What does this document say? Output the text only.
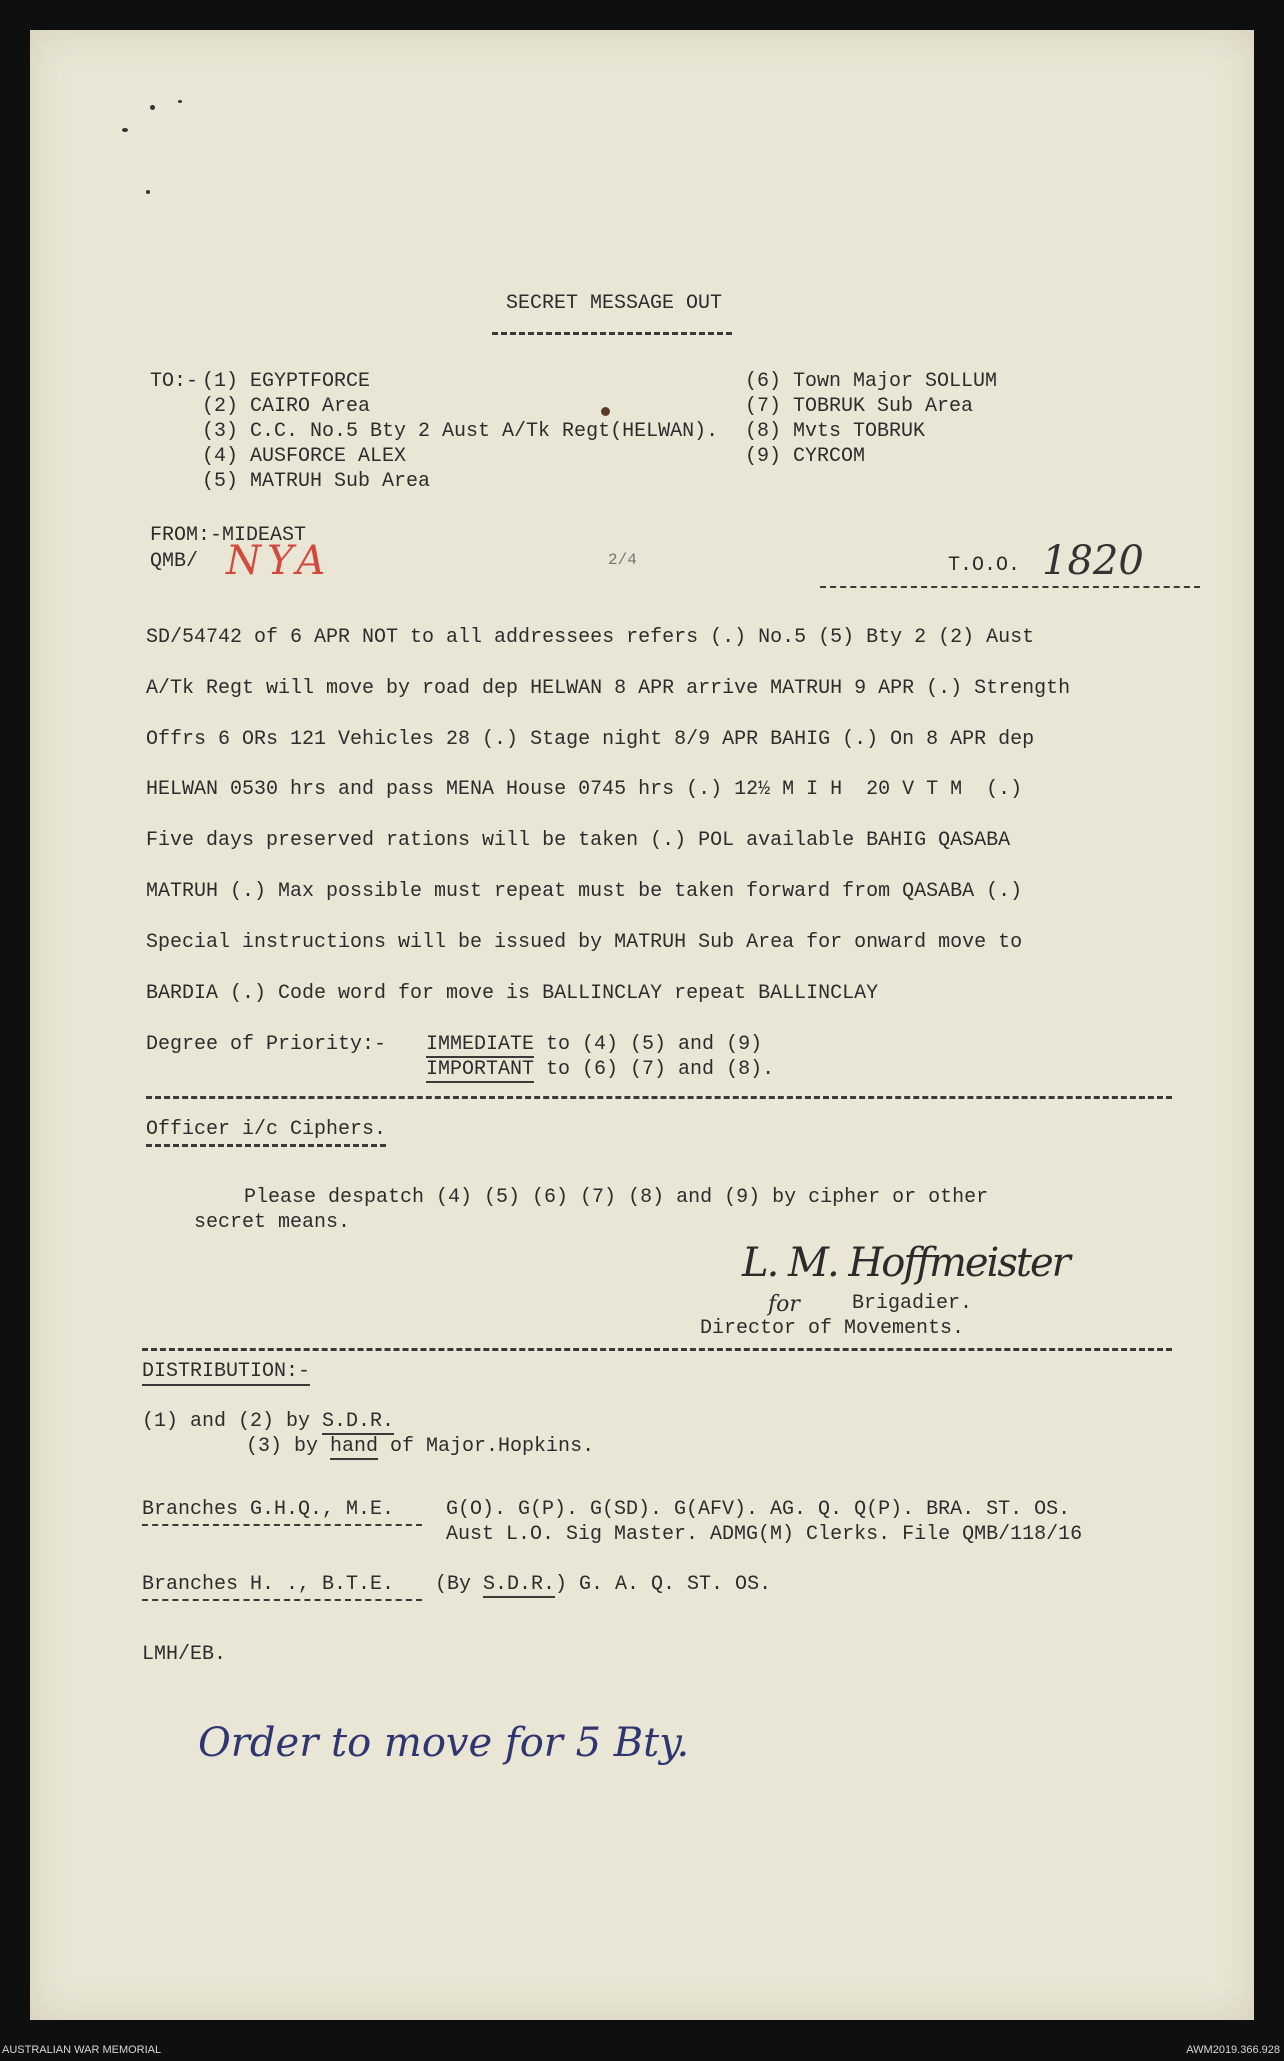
SECRET MESSAGE OUT
TO:- (1) EGYPTFORCE
(2) CAIRO Area
(3) C.C. No.5 Bty 2 Aust A/Tk Regt(HELWAN).
(4) AUSFORCE ALEX
(5) MATRUH Sub Area
(6) Town Major SOLLUM
(7) TOBRUK Sub Area
(8) Mvts TOBRUK
(9) CYRCOM
FROM:-MIDEAST
QMB/ NYA	2/4	T.O.O. 1820
SD/54742 of 6 APR NOT to all addressees refers (.) No.5 (5) Bty 2 (2) Aust
A/Tk Regt will move by road dep HELWAN 8 APR arrive MATRUH 9 APR (.) Strength
Offrs 6 ORs 121 Vehicles 28 (.) Stage night 8/9 APR BAHIG (.) On 8 APR dep
HELWAN 0530 hrs and pass MENA House 0745 hrs (.) 12½ M I H  20 V T M  (.)
Five days preserved rations will be taken (.) POL available BAHIG QASABA
MATRUH (.) Max possible must repeat must be taken forward from QASABA (.)
Special instructions will be issued by MATRUH Sub Area for onward move to
BARDIA (.) Code word for move is BALLINCLAY repeat BALLINCLAY
Degree of Priority:- IMMEDIATE to (4) (5) and (9)
IMPORTANT to (6) (7) and (8).
Officer i/c Ciphers.
Please despatch (4) (5) (6) (7) (8) and (9) by cipher or other
secret means.
L. M. Hoffmeister
for	Brigadier.
Director of Movements.
DISTRIBUTION:-
(1) and (2) by S.D.R.
(3) by hand of Major.Hopkins.
Branches G.H.Q., M.E.	G(O). G(P). G(SD). G(AFV). AG. Q. Q(P). BRA. ST. OS.
Aust L.O. Sig Master. ADMG(M) Clerks. File QMB/118/16
Branches H. ., B.T.E. (By S.D.R.) G. A. Q. ST. OS.
LMH/EB.
Order to move for 5 Bty.
AUSTRALIAN WAR MEMORIAL	AWM2019.366.928
